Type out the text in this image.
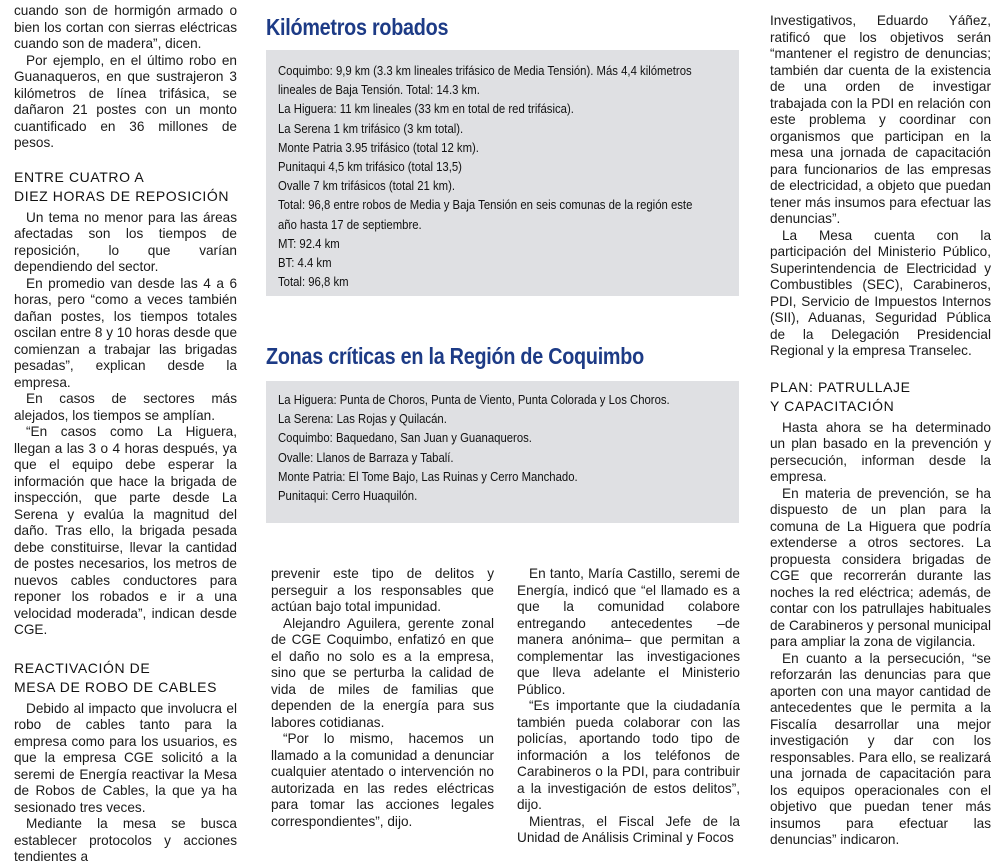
cuando son de hormigón armado o bien los cortan con sierras eléctricas cuando son de madera”, dicen.

Por ejemplo, en el último robo en Guanaqueros, en que sustrajeron 3 kilómetros de línea trifásica, se dañaron 21 postes con un monto cuantificado en 36 millones de pesos.

ENTRE CUATRO A
DIEZ HORAS DE REPOSICIÓN

Un tema no menor para las áreas afectadas son los tiempos de reposición, lo que varían dependiendo del sector.

En promedio van desde las 4 a 6 horas, pero “como a veces también dañan postes, los tiempos totales oscilan entre 8 y 10 horas desde que comienzan a trabajar las brigadas pesadas”, explican desde la empresa.

En casos de sectores más alejados, los tiempos se amplían.

“En casos como La Higuera, llegan a las 3 o 4 horas después, ya que el equipo debe esperar la información que hace la brigada de inspección, que parte desde La Serena y evalúa la magnitud del daño. Tras ello, la brigada pesada debe constituirse, llevar la cantidad de postes necesarios, los metros de nuevos cables conductores para reponer los robados e ir a una velocidad moderada”, indican desde CGE.

REACTIVACIÓN DE
MESA DE ROBO DE CABLES

Debido al impacto que involucra el robo de cables tanto para la empresa como para los usuarios, es que la empresa CGE solicitó a la seremi de Energía reactivar la Mesa de Robos de Cables, la que ya ha sesionado tres veces.

Mediante la mesa se busca establecer protocolos y acciones tendientes a

Kilómetros robados
Coquimbo: 9,9 km (3.3 km lineales trifásico de Media Tensión). Más 4,4 kilómetros
lineales de Baja Tensión. Total: 14.3 km.
La Higuera: 11 km lineales (33 km en total de red trifásica).
La Serena 1 km trifásico (3 km total).
Monte Patria 3.95 trifásico (total 12 km).
Punitaqui 4,5 km trifásico (total 13,5)
Ovalle 7 km trifásicos (total 21 km).
Total: 96,8 entre robos de Media y Baja Tensión en seis comunas de la región este
año hasta 17 de septiembre.
MT: 92.4 km
BT: 4.4 km
Total: 96,8 km
Zonas críticas en la Región de Coquimbo
La Higuera: Punta de Choros, Punta de Viento, Punta Colorada y Los Choros.
La Serena: Las Rojas y Quilacán.
Coquimbo: Baquedano, San Juan y Guanaqueros.
Ovalle: Llanos de Barraza y Tabalí.
Monte Patria: El Tome Bajo, Las Ruinas y Cerro Manchado.
Punitaqui: Cerro Huaquilón.

prevenir este tipo de delitos y perseguir a los responsables que actúan bajo total impunidad.

Alejandro Aguilera, gerente zonal de CGE Coquimbo, enfatizó en que el daño no solo es a la empresa, sino que se perturba la calidad de vida de miles de familias que dependen de la energía para sus labores cotidianas.

“Por lo mismo, hacemos un llamado a la comunidad a denunciar cualquier atentado o intervención no autorizada en las redes eléctricas para tomar las acciones legales correspondientes”, dijo.

En tanto, María Castillo, seremi de Energía, indicó que “el llamado es a que la comunidad colabore entregando antecedentes –de manera anónima– que permitan a complementar las investigaciones que lleva adelante el Ministerio Público.

“Es importante que la ciudadanía también pueda colaborar con las policías, aportando todo tipo de información a los teléfonos de Carabineros o la PDI, para contribuir a la investigación de estos delitos”, dijo.

Mientras, el Fiscal Jefe de la Unidad de Análisis Criminal y Focos

Investigativos, Eduardo Yáñez, ratificó que los objetivos serán “mantener el registro de denuncias; también dar cuenta de la existencia de una orden de investigar trabajada con la PDI en relación con este problema y coordinar con organismos que participan en la mesa una jornada de capacitación para funcionarios de las empresas de electricidad, a objeto que puedan tener más insumos para efectuar las denuncias”.

La Mesa cuenta con la participación del Ministerio Público, Superintendencia de Electricidad y Combustibles (SEC), Carabineros, PDI, Servicio de Impuestos Internos (SII), Aduanas, Seguridad Pública de la Delegación Presidencial Regional y la empresa Transelec.

PLAN: PATRULLAJE
Y CAPACITACIÓN

Hasta ahora se ha determinado un plan basado en la prevención y persecución, informan desde la empresa.

En materia de prevención, se ha dispuesto de un plan para la comuna de La Higuera que podría extenderse a otros sectores. La propuesta considera brigadas de CGE que recorrerán durante las noches la red eléctrica; además, de contar con los patrullajes habituales de Carabineros y personal municipal para ampliar la zona de vigilancia.

En cuanto a la persecución, “se reforzarán las denuncias para que aporten con una mayor cantidad de antecedentes que le permita a la Fiscalía desarrollar una mejor investigación y dar con los responsables. Para ello, se realizará una jornada de capacitación para los equipos operacionales con el objetivo que puedan tener más insumos para efectuar las denuncias” indicaron.
